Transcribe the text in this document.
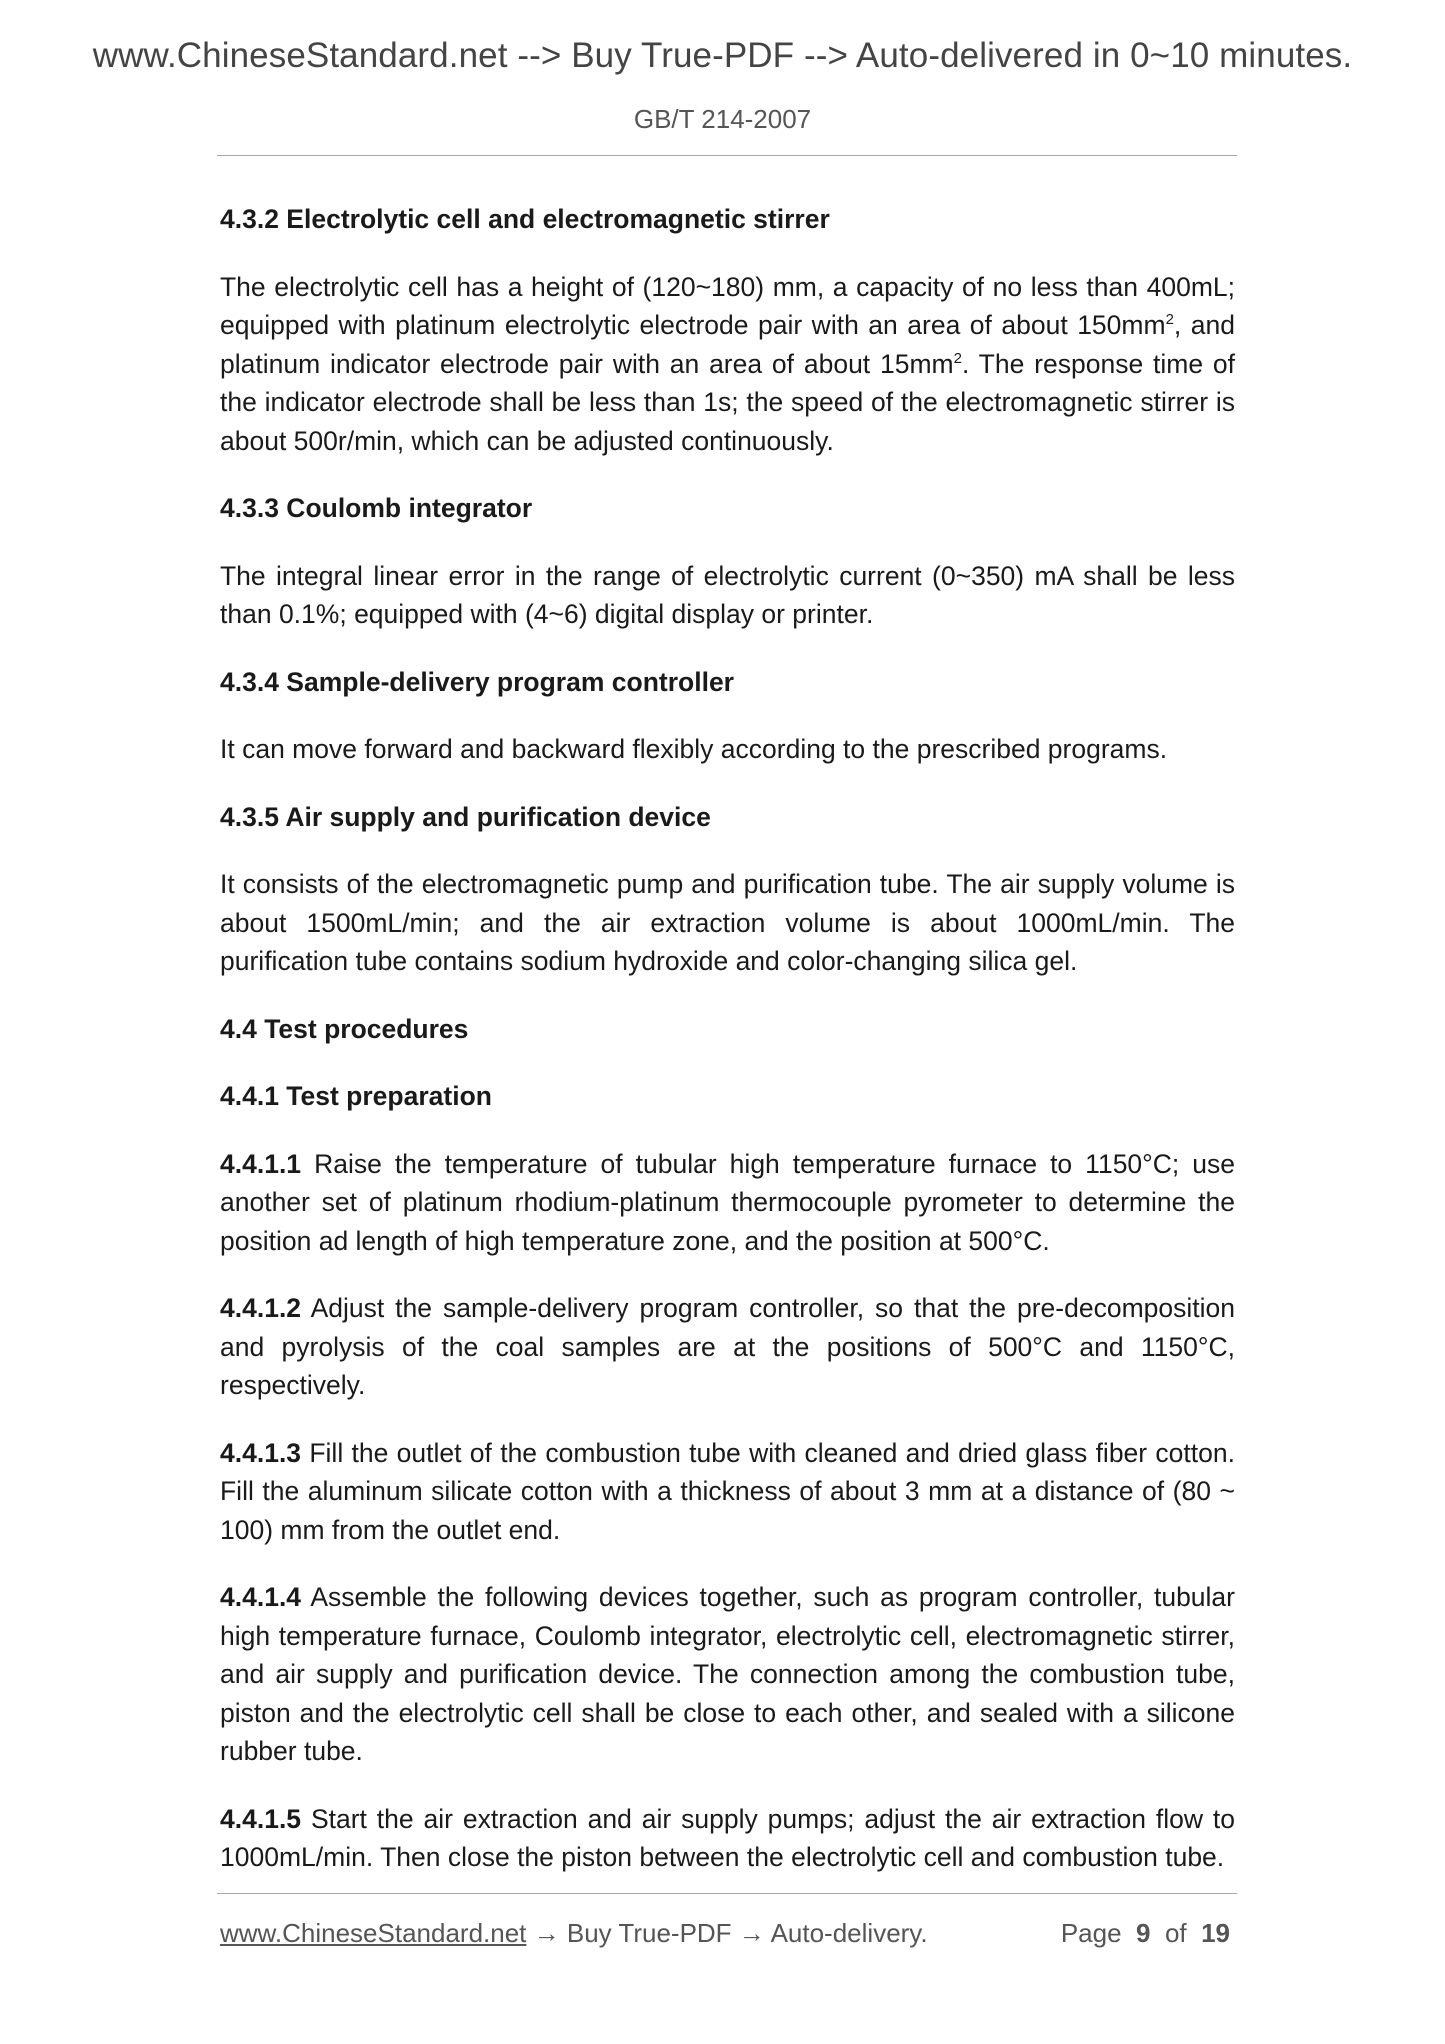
www.ChineseStandard.net --> Buy True-PDF --> Auto-delivered in 0~10 minutes.
GB/T 214-2007
4.3.2 Electrolytic cell and electromagnetic stirrer

The electrolytic cell has a height of (120~180) mm, a capacity of no less than 400mL; equipped with platinum electrolytic electrode pair with an area of about $150mm^2$, and platinum indicator electrode pair with an area of about $15mm^2$. The response time of the indicator electrode shall be less than 1s; the speed of the electromagnetic stirrer is about 500r/min, which can be adjusted continuously.

4.3.3 Coulomb integrator

The integral linear error in the range of electrolytic current (0~350) mA shall be less than 0.1%; equipped with (4~6) digital display or printer.

4.3.4 Sample-delivery program controller

It can move forward and backward flexibly according to the prescribed programs.

4.3.5 Air supply and purification device

It consists of the electromagnetic pump and purification tube. The air supply volume is about 1500mL/min; and the air extraction volume is about 1000mL/min. The purification tube contains sodium hydroxide and color-changing silica gel.

4.4 Test procedures
4.4.1 Test preparation

4.4.1.1 Raise the temperature of tubular high temperature furnace to 1150°C; use another set of platinum rhodium-platinum thermocouple pyrometer to determine the position ad length of high temperature zone, and the position at 500°C.

4.4.1.2 Adjust the sample-delivery program controller, so that the pre-decomposition and pyrolysis of the coal samples are at the positions of 500°C and 1150°C, respectively.

4.4.1.3 Fill the outlet of the combustion tube with cleaned and dried glass fiber cotton. Fill the aluminum silicate cotton with a thickness of about 3 mm at a distance of (80 ~ 100) mm from the outlet end.

4.4.1.4 Assemble the following devices together, such as program controller, tubular high temperature furnace, Coulomb integrator, electrolytic cell, electromagnetic stirrer, and air supply and purification device. The connection among the combustion tube, piston and the electrolytic cell shall be close to each other, and sealed with a silicone rubber tube.

4.4.1.5 Start the air extraction and air supply pumps; adjust the air extraction flow to 1000mL/min. Then close the piston between the electrolytic cell and combustion tube.

www.ChineseStandard.net → Buy True-PDF → Auto-delivery.	Page 9 of 19
